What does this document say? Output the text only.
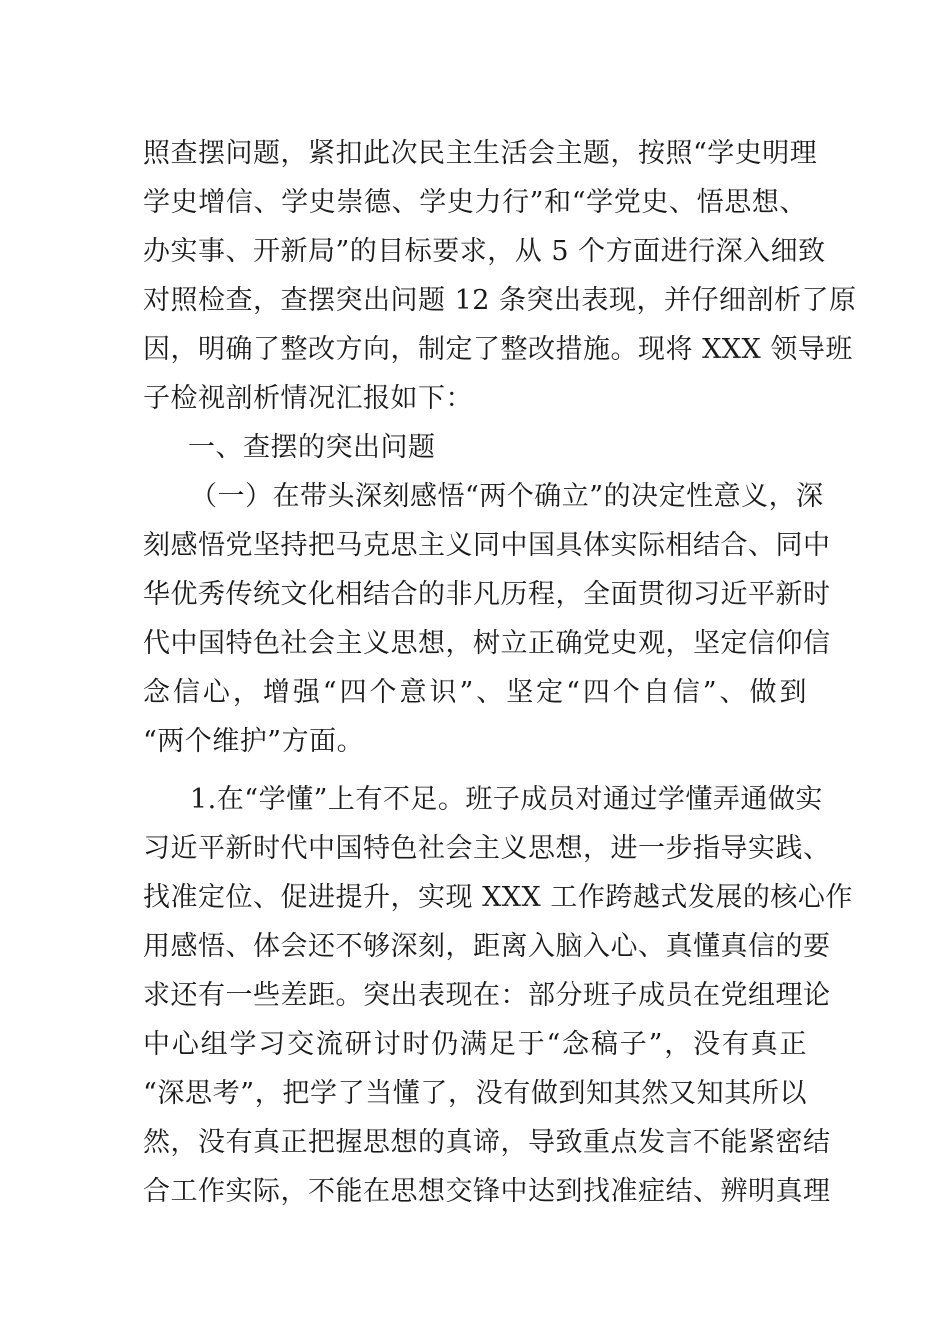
照查摆问题，紧扣此次民主生活会主题，按照“学史明理
学史增信、学史崇德、学史力行”和“学党史、悟思想、
办实事、开新局”的目标要求，从 5 个方面进行深入细致
对照检查，查摆突出问题 12 条突出表现，并仔细剖析了原
因，明确了整改方向，制定了整改措施。现将 XXX 领导班
子检视剖析情况汇报如下：
一、查摆的突出问题
（一）在带头深刻感悟“两个确立”的决定性意义，深
刻感悟党坚持把马克思主义同中国具体实际相结合、同中
华优秀传统文化相结合的非凡历程，全面贯彻习近平新时
代中国特色社会主义思想，树立正确党史观，坚定信仰信
念信心，增强“四个意识”、坚定“四个自信”、做到
“两个维护”方面。
1.在“学懂”上有不足。班子成员对通过学懂弄通做实
习近平新时代中国特色社会主义思想，进一步指导实践、
找准定位、促进提升，实现 XXX 工作跨越式发展的核心作
用感悟、体会还不够深刻，距离入脑入心、真懂真信的要
求还有一些差距。突出表现在：部分班子成员在党组理论
中心组学习交流研讨时仍满足于“念稿子”，没有真正
“深思考”，把学了当懂了，没有做到知其然又知其所以
然，没有真正把握思想的真谛，导致重点发言不能紧密结
合工作实际，不能在思想交锋中达到找准症结、辨明真理
